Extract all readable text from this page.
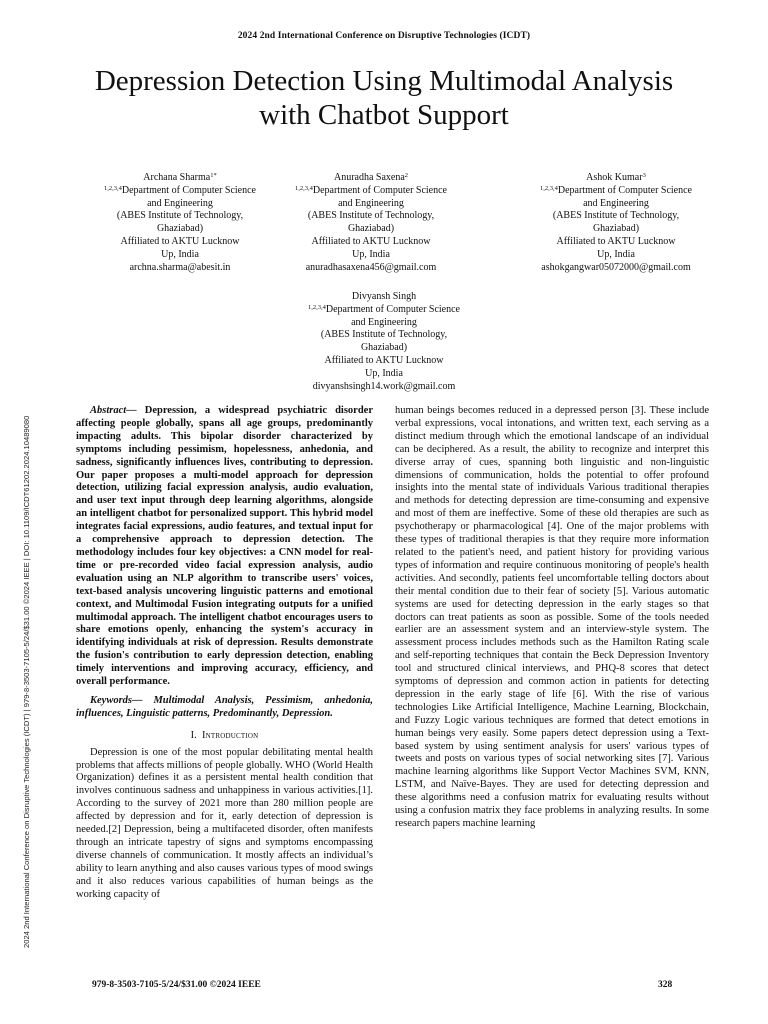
2024 2nd International Conference on Disruptive Technologies (ICDT)
Depression Detection Using Multimodal Analysis
with Chatbot Support
Archana Sharma$^{1*}$
$^{1,2,3,4}$Department of Computer Science
and Engineering
(ABES Institute of Technology,
Ghaziabad)
Affiliated to AKTU Lucknow
Up, India
archna.sharma@abesit.in
Anuradha Saxena$^2$
$^{1,2,3,4}$Department of Computer Science
and Engineering
(ABES Institute of Technology,
Ghaziabad)
Affiliated to AKTU Lucknow
Up, India
anuradhasaxena456@gmail.com
Ashok Kumar$^3$
$^{1,2,3,4}$Department of Computer Science
and Engineering
(ABES Institute of Technology,
Ghaziabad)
Affiliated to AKTU Lucknow
Up, India
ashokgangwar05072000@gmail.com
Divyansh Singh
$^{1,2,3,4}$Department of Computer Science
and Engineering
(ABES Institute of Technology,
Ghaziabad)
Affiliated to AKTU Lucknow
Up, India
divyanshsingh14.work@gmail.com
2024 2nd International Conference on Disruptive Technologies (ICDT) | 979-8-3503-7105-5/24/$31.00 ©2024 IEEE | DOI: 10.1109/ICDT61202.2024.10489080

Abstract— Depression, a widespread psychiatric disorder affecting people globally, spans all age groups, predominantly impacting adults. This bipolar disorder characterized by symptoms including pessimism, hopelessness, anhedonia, and sadness, significantly influences lives, contributing to depression. Our paper proposes a multi-model approach for depression detection, utilizing facial expression analysis, audio evaluation, and user text input through deep learning algorithms, alongside an intelligent chatbot for personalized support. This hybrid model integrates facial expressions, audio features, and textual input for a comprehensive approach to depression detection. The methodology includes four key objectives: a CNN model for real-time or pre-recorded video facial expression analysis, audio evaluation using an NLP algorithm to transcribe users' voices, text-based analysis uncovering linguistic patterns and emotional context, and Multimodal Fusion integrating outputs for a unified multimodal approach. The intelligent chatbot encourages users to share emotions openly, enhancing the system's accuracy in identifying individuals at risk of depression. Results demonstrate the fusion's contribution to early depression detection, enabling timely interventions and improving accuracy, efficiency, and overall performance.

Keywords— Multimodal Analysis, Pessimism, anhedonia, influences, Linguistic patterns, Predominantly, Depression.

I. Introduction

Depression is one of the most popular debilitating mental health problems that affects millions of people globally. WHO (World Health Organization) defines it as a persistent mental health condition that involves continuous sadness and unhappiness in various activities.[1]. According to the survey of 2021 more than 280 million people are affected by depression and for it, early detection of depression is needed.[2] Depression, being a multifaceted disorder, often manifests through an intricate tapestry of signs and symptoms encompassing diverse channels of communication. It mostly affects an individual’s ability to learn anything and also causes various types of mood swings and it also reduces various capabilities of human beings as the working capacity of

human beings becomes reduced in a depressed person [3]. These include verbal expressions, vocal intonations, and written text, each serving as a distinct medium through which the emotional landscape of an individual can be deciphered. As a result, the ability to recognize and interpret this diverse array of cues, spanning both linguistic and non-linguistic dimensions of communication, holds the potential to offer profound insights into the mental state of individuals Various traditional therapies and methods for detecting depression are time-consuming and expensive and most of them are ineffective. Some of these old therapies are such as psychotherapy or pharmacological [4]. One of the major problems with these types of traditional therapies is that they require more information related to the patient's need, and patient history for providing various types of information and require continuous monitoring of people's health activities. And secondly, patients feel uncomfortable telling doctors about their mental condition due to their fear of society [5]. Various automatic systems are used for detecting depression in the early stages so that doctors can treat patients as soon as possible. Some of the tools needed earlier are an assessment system and an interview-style system. The assessment process includes methods such as the Hamilton Rating scale and self-reporting techniques that contain the Beck Depression Inventory tool and structured clinical interviews, and PHQ-8 scores that detect symptoms of depression and common action in patients for detecting depression in the early stage of life [6]. With the rise of various technologies Like Artificial Intelligence, Machine Learning, Blockchain, and Fuzzy Logic various techniques are formed that detect emotions in human beings very easily. Some papers detect depression using a Text-based system by using sentiment analysis for users' various types of tweets and posts on various types of social networking sites [7]. Various machine learning algorithms like Support Vector Machines SVM, KNN, LSTM, and Naïve-Bayes. They are used for detecting depression and these algorithms need a confusion matrix for evaluating results without using a confusion matrix they face problems in analyzing results. In some research papers machine learning

979-8-3503-7105-5/24/$31.00 ©2024 IEEE	328
